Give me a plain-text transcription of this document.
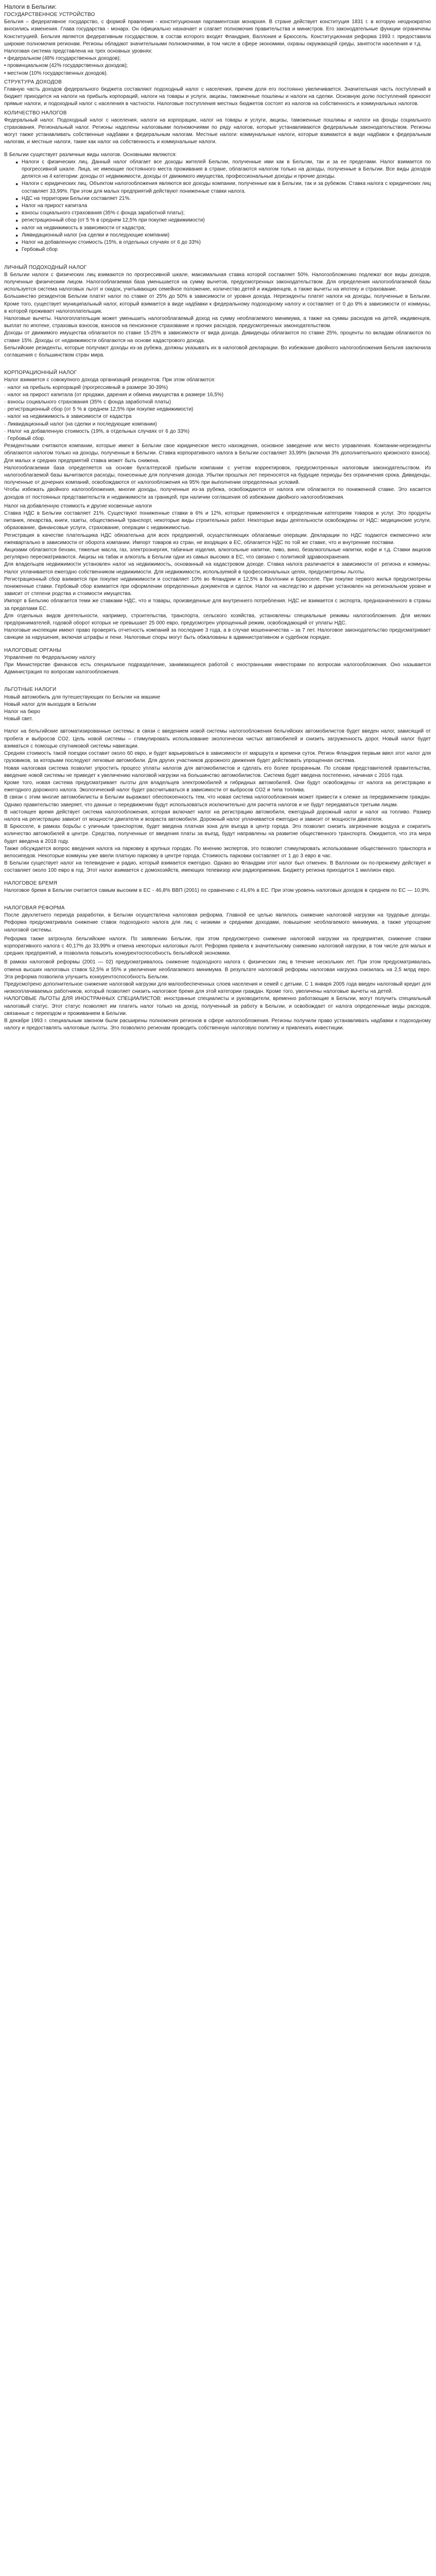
Налоги в Бельгии:
ГОСУДАРСТВЕННОЕ УСТРОЙСТВО
Бельгия – федеративное государство, с формой правления - конституционная парламентская монархия. В стране действует конституция 1831 г. в которую неоднократно вносились изменения. Глава государства - монарх. Он официально назначает и слагает полномочия правительства и министров. Его законодательные функции ограничены Конституцией. Бельгия является федеративным государством, в состав которого входят Фландрия, Валлония и Брюссель. Конституционная реформа 1993 г. предоставила широкие полномочия регионам. Регионы обладают значительными полномочиями, в том числе в сфере экономики, охраны окружающей среды, занятости населения и т.д.
Налоговая система представлена на трех основных уровнях:
• федеральном (48% государственных доходов);
• провинциальном (42% государственных доходов);
• местном (10% государственных доходов).
СТРУКТУРА ДОХОДОВ
Главную часть доходов федерального бюджета составляют подоходный налог с населения, причем доля его постоянно увеличивается. Значительная часть поступлений в бюджет приходится на налоги на прибыль корпораций, налоги на товары и услуги, акцизы, таможенные пошлины и налоги на сделки. Основную долю поступлений приносят прямые налоги, и подоходный налог с населения в частности. Налоговые поступления местных бюджетов состоят из налогов на собственность и коммунальных налогов.
КОЛИЧЕСТВО НАЛОГОВ
Федеральный налог. Подоходный налог с населения, налоги на корпорации, налог на товары и услуги, акцизы, таможенные пошлины и налоги на фонды социального страхования. Региональный налог. Регионы наделены налоговыми полномочиями по ряду налогов, которые устанавливаются федеральным законодательством. Регионы могут также устанавливать собственные надбавки к федеральным налогам. Местные налоги: коммунальные налоги, которые взимаются в виде надбавок к федеральным налогам, и местные налоги, такие как налог на собственность и коммунальные налоги.
В Бельгии существует различные виды налогов. Основными являются:
● Налоги с физических лиц. Данный налог облагает все доходы жителей Бельгии, полученные ими как в Бельгии, так и за ее пределами. Налог взимается по прогрессивной шкале. Лица, не имеющие постоянного места проживания в стране, облагаются налогом только на доходы, полученные в Бельгии. Все виды доходов делятся на 4 категории: доходы от недвижимости, доходы от движимого имущества, профессиональные доходы и прочие доходы.
● Налоги с юридических лиц. Объектом налогообложения являются все доходы компании, полученные как в Бельгии, так и за рубежом. Ставка налога с юридических лиц составляет 33,99%. При этом для малых предприятий действуют пониженные ставки налога.
● НДС на территории Бельгии составляет 21%.
● Налог на прирост капитала
● взносы социального страхования (35% с фонда заработной платы);
● регистрационный сбор (от 5 % в среднем 12,5% при покупке недвижимости)
● налог на недвижимость в зависимости от кадастра;
● Ликвидационный налог (на сделки и последующие компании)
● Налог на добавленную стоимость (15%, в отдельных случаях от 6 до 33%)
● Гербовый сбор
ЛИЧНЫЙ ПОДОХОДНЫЙ НАЛОГ
В Бельгии налоги с физических лиц взимаются по прогрессивной шкале, максимальная ставка которой составляет 50%. Налогообложению подлежат все виды доходов, полученные физическим лицом. Налогооблагаемая база уменьшается на сумму вычетов, предусмотренных законодательством. Для определения налогооблагаемой базы используется система налоговых льгот и скидок, учитывающих семейное положение, количество детей и иждивенцев, а также вычеты на ипотеку и страхование.
Большинство резидентов Бельгии платят налог по ставке от 25% до 50% в зависимости от уровня дохода. Нерезиденты платят налоги на доходы, полученные в Бельгии. Кроме того, существует муниципальный налог, который взимается в виде надбавки к федеральному подоходному налогу и составляет от 0 до 9% в зависимости от коммуны, в которой проживает налогоплательщик.
Налоговые вычеты. Налогоплательщик может уменьшить налогооблагаемый доход на сумму необлагаемого минимума, а также на суммы расходов на детей, иждивенцев, выплат по ипотеке, страховых взносов, взносов на пенсионное страхование и прочих расходов, предусмотренных законодательством.
Доходы от движимого имущества облагаются по ставке 15-25% в зависимости от вида дохода. Дивиденды облагаются по ставке 25%, проценты по вкладам облагаются по ставке 15%. Доходы от недвижимости облагаются на основе кадастрового дохода.
Бельгийские резиденты, которые получают доходы из-за рубежа, должны указывать их в налоговой декларации. Во избежание двойного налогообложения Бельгия заключила соглашения с большинством стран мира.
КОРПОРАЦИОННЫЙ НАЛОГ
Налог взимается с совокупного дохода организаций резидентов. При этом облагаются:
· налог на прибыль корпораций (прогрессивный в размере 30-39%)
· налог на прирост капитала (от продажи, дарения и обмена имущества в размере 16,5%)
· взносы социального страхования (35% с фонда заработной платы)
· регистрационный сбор (от 5 % в среднем 12,5% при покупке недвижимости)
· налог на недвижимость в зависимости от кадастра
· Ликвидационный налог (на сделки и последующие компании)
· Налог на добавленную стоимость (19%, в отдельных случаях от 6 до 33%)
· Гербовый сбор.
Резидентными считаются компании, которые имеют в Бельгии свое юридическое место нахождения, основное заведение или место управления. Компании-нерезиденты облагаются налогом только на доходы, полученные в Бельгии. Ставка корпоративного налога в Бельгии составляет 33,99% (включая 3% дополнительного кризисного взноса). Для малых и средних предприятий ставка может быть снижена.
Налогооблагаемая база определяется на основе бухгалтерской прибыли компании с учетом корректировок, предусмотренных налоговым законодательством. Из налогооблагаемой базы вычитаются расходы, понесенные для получения дохода. Убытки прошлых лет переносятся на будущие периоды без ограничения срока. Дивиденды, полученные от дочерних компаний, освобождаются от налогообложения на 95% при выполнении определенных условий.
Чтобы избежать двойного налогообложения, многие доходы, полученные из-за рубежа, освобождаются от налога или облагаются по пониженной ставке. Это касается доходов от постоянных представительств и недвижимости за границей, при наличии соглашения об избежании двойного налогообложения.
Налог на добавленную стоимость и другие косвенные налоги
Ставка НДС в Бельгии составляет 21%. Существуют пониженные ставки в 6% и 12%, которые применяются к определенным категориям товаров и услуг. Это продукты питания, лекарства, книги, газеты, общественный транспорт, некоторые виды строительных работ. Некоторые виды деятельности освобождены от НДС: медицинские услуги, образование, финансовые услуги, страхование, операции с недвижимостью.
Регистрация в качестве плательщика НДС обязательна для всех предприятий, осуществляющих облагаемые операции. Декларации по НДС подаются ежемесячно или ежеквартально в зависимости от оборота компании. Импорт товаров из стран, не входящих в ЕС, облагается НДС по той же ставке, что и внутренние поставки.
Акцизами облагаются бензин, тяжелые масла, газ, электроэнергия, табачные изделия, алкогольные напитки, пиво, вино, безалкогольные напитки, кофе и т.д. Ставки акцизов регулярно пересматриваются. Акцизы на табак и алкоголь в Бельгии одни из самых высоких в ЕС, что связано с политикой здравоохранения.
Для владельцев недвижимости установлен налог на недвижимость, основанный на кадастровом доходе. Ставка налога различается в зависимости от региона и коммуны. Налог уплачивается ежегодно собственником недвижимости. Для недвижимости, используемой в профессиональных целях, предусмотрены льготы.
Регистрационный сбор взимается при покупке недвижимости и составляет 10% во Фландрии и 12,5% в Валлонии и Брюсселе. При покупке первого жилья предусмотрены пониженные ставки. Гербовый сбор взимается при оформлении определенных документов и сделок. Налог на наследство и дарение установлен на региональном уровне и зависит от степени родства и стоимости имущества.
Импорт в Бельгию облагается теми же ставками НДС, что и товары, произведенные для внутреннего потребления. НДС не взимается с экспорта, предназначенного в страны за пределами ЕС.
Для отдельных видов деятельности, например, строительства, транспорта, сельского хозяйства, установлены специальные режимы налогообложения. Для мелких предпринимателей, годовой оборот которых не превышает 25 000 евро, предусмотрен упрощенный режим, освобождающий от уплаты НДС.
Налоговые инспекции имеют право проверять отчетность компаний за последние 3 года, а в случае мошенничества – за 7 лет. Налоговое законодательство предусматривает санкции за нарушения, включая штрафы и пени. Налоговые споры могут быть обжалованы в административном и судебном порядке.
НАЛОГОВЫЕ ОРГАНЫ
Управление по Федеральному налогу
При Министерстве финансов есть специальное подразделение, занимающееся работой с иностранными инвесторами по вопросам налогообложения. Оно называется Администрация по вопросам налогообложения.
ЛЬГОТНЫЕ НАЛОГИ
Новый автомобиль для путешествующих по Бельгии на машине
Новый налог для выходцев в Бельгии
Налог на бюро
Новый свет.
Налог на бельгийские автоматизированные системы: в связи с введением новой системы налогообложения бельгийских автомобилистов будет введен налог, зависящий от пробега и выбросов CO2. Цель новой системы – стимулировать использование экологически чистых автомобилей и снизить загруженность дорог. Новый налог будет взиматься с помощью спутниковой системы навигации.
Средняя стоимость такой поездки составит около 60 евро, и будет варьироваться в зависимости от маршрута и времени суток. Регион Фландрия первым ввел этот налог для грузовиков, за которыми последуют легковые автомобили. Для других участников дорожного движения будет действовать упрощенная система.
Новая налоговая система позволит упростить процесс уплаты налогов для автомобилистов и сделать его более прозрачным. По словам представителей правительства, введение новой системы не приведет к увеличению налоговой нагрузки на большинство автомобилистов. Система будет введена постепенно, начиная с 2016 года.
Кроме того, новая система предусматривает льготы для владельцев электромобилей и гибридных автомобилей. Они будут освобождены от налога на регистрацию и ежегодного дорожного налога. Экологический налог будет рассчитываться в зависимости от выбросов CO2 и типа топлива.
В связи с этим многие автомобилисты в Бельгии выражают обеспокоенность тем, что новая система налогообложения может привести к слежке за передвижением граждан. Однако правительство заверяет, что данные о передвижении будут использоваться исключительно для расчета налогов и не будут передаваться третьим лицам.
В настоящее время действует система налогообложения, которая включает налог на регистрацию автомобиля, ежегодный дорожный налог и налог на топливо. Размер налога на регистрацию зависит от мощности двигателя и возраста автомобиля. Дорожный налог уплачивается ежегодно и зависит от мощности двигателя.
В Брюсселе, в рамках борьбы с уличным транспортом, будет введена платная зона для въезда в центр города. Это позволит снизить загрязнение воздуха и сократить количество автомобилей в центре. Средства, полученные от введения платы за въезд, будут направлены на развитие общественного транспорта. Ожидается, что эта мера будет введена в 2018 году.
Также обсуждается вопрос введения налога на парковку в крупных городах. По мнению экспертов, это позволит стимулировать использование общественного транспорта и велосипедов. Некоторые коммуны уже ввели платную парковку в центре города. Стоимость парковки составляет от 1 до 3 евро в час.
В Бельгии существует налог на телевидение и радио, который взимается ежегодно. Однако во Фландрии этот налог был отменен. В Валлонии он по-прежнему действует и составляет около 100 евро в год. Этот налог взимается с домохозяйств, имеющих телевизор или радиоприемник. Бюджету региона приходится 1 миллион евро.
НАЛОГОВОЕ БРЕМЯ
Налоговое бремя в Бельгии считается самым высоким в ЕС - 46,8% ВВП (2001) по сравнению с 41,6% в ЕС. При этом уровень налоговых доходов в среднем по ЕС — 10,9%.
НАЛОГОВАЯ РЕФОРМА
После двухлетнего периода разработки, в Бельгии осуществлена налоговая реформа. Главной ее целью являлось снижение налоговой нагрузки на трудовые доходы. Реформа предусматривала снижение ставок подоходного налога для лиц с низкими и средними доходами, повышение необлагаемого минимума, а также упрощение налоговой системы.
Реформа также затронула бельгийские налоги. По заявлению Бельгии, при этом предусмотрено снижение налоговой нагрузки на предприятия, снижение ставки корпоративного налога с 40,17% до 33,99% и отмена некоторых налоговых льгот. Реформа привела к значительному снижению налоговой нагрузки, в том числе для малых и средних предприятий, и позволила повысить конкурентоспособность бельгийской экономики.
В рамках налоговой реформы (2001 — 02) предусматривалось снижение подоходного налога с физических лиц в течение нескольких лет. При этом предусматривалась отмена высших налоговых ставок 52,5% и 55% и увеличение необлагаемого минимума. В результате налоговой реформы налоговая нагрузка снизилась на 2,5 млрд евро. Эта реформа позволила улучшить конкурентоспособность Бельгии.
Предусмотрено дополнительное снижение налоговой нагрузки для малообеспеченных слоев населения и семей с детьми. С 1 января 2005 года введен налоговый кредит для низкооплачиваемых работников, который позволяет снизить налоговое бремя для этой категории граждан. Кроме того, увеличены налоговые вычеты на детей.
НАЛОГОВЫЕ ЛЬГОТЫ ДЛЯ ИНОСТРАННЫХ СПЕЦИАЛИСТОВ: иностранные специалисты и руководители, временно работающие в Бельгии, могут получить специальный налоговый статус. Этот статус позволяет им платить налог только на доход, полученный за работу в Бельгии, и освобождает от налога определенные виды расходов, связанные с переездом и проживанием в Бельгии.
В декабре 1993 г. специальным законом были расширены полномочия регионов в сфере налогообложения. Регионы получили право устанавливать надбавки к подоходному налогу и предоставлять налоговые льготы. Это позволило регионам проводить собственную налоговую политику и привлекать инвестиции.
